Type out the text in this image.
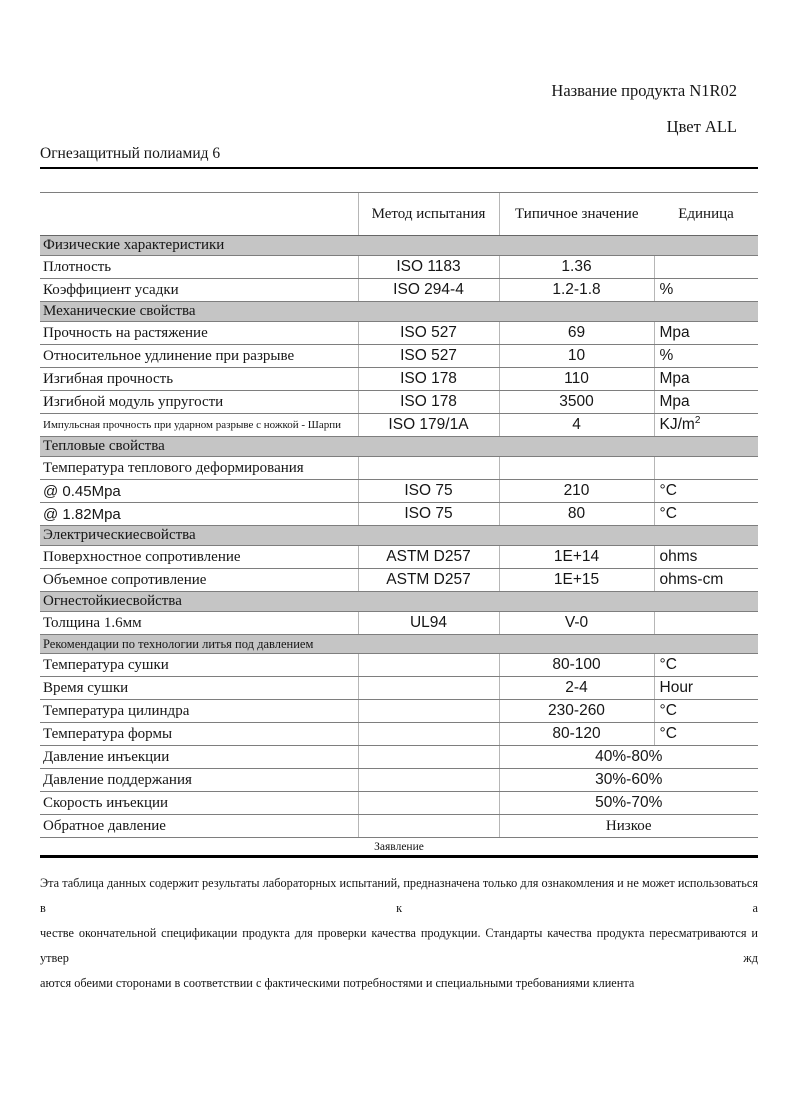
Название продукта N1R02
Цвет ALL
Огнезащитный полиамид 6
	Метод испытания	Типичное значение	Единица
Физические характеристики			
Плотность	ISO 1183	1.36	
Коэффициент усадки	ISO 294-4	1.2-1.8	%
Механические свойства			
Прочность на растяжение	ISO 527	69	Mpa
Относительное удлинение при разрыве	ISO 527	10	%
Изгибная прочность	ISO 178	110	Mpa
Изгибной модуль упругости	ISO 178	3500	Mpa
Импульсная прочность при ударном разрыве с ножкой - Шарпи	ISO 179/1A	4	$KJ/m^2$
Тепловые свойства			
Температура теплового деформирования			
@ 0.45Mpa	ISO 75	210	°C
@ 1.82Mpa	ISO 75	80	°C
Электрическиесвойства			
Поверхностное сопротивление	ASTM D257	1E+14	ohms
Объемное сопротивление	ASTM D257	1E+15	ohms-cm
Огнестойкиесвойства			
Толщина 1.6мм	UL94	V-0	
Рекомендации по технологии литья под давлением			
Температура сушки		80-100	°C
Время сушки		2-4	Hour
Температура цилиндра		230-260	°C
Температура формы		80-120	°C
Давление инъекции		40%-80%	
Давление поддержания		30%-60%	
Скорость инъекции		50%-70%	
Обратное давление		Низкое	
Заявление			
Эта таблица данных содержит результаты лабораторных испытаний, предназначена только для ознакомления и не может использоваться в к а
честве окончательной спецификации продукта для проверки качества продукции. Стандарты качества продукта пересматриваются и утвер жд
аются обеими сторонами в соответствии с фактическими потребностями и специальными требованиями клиента
